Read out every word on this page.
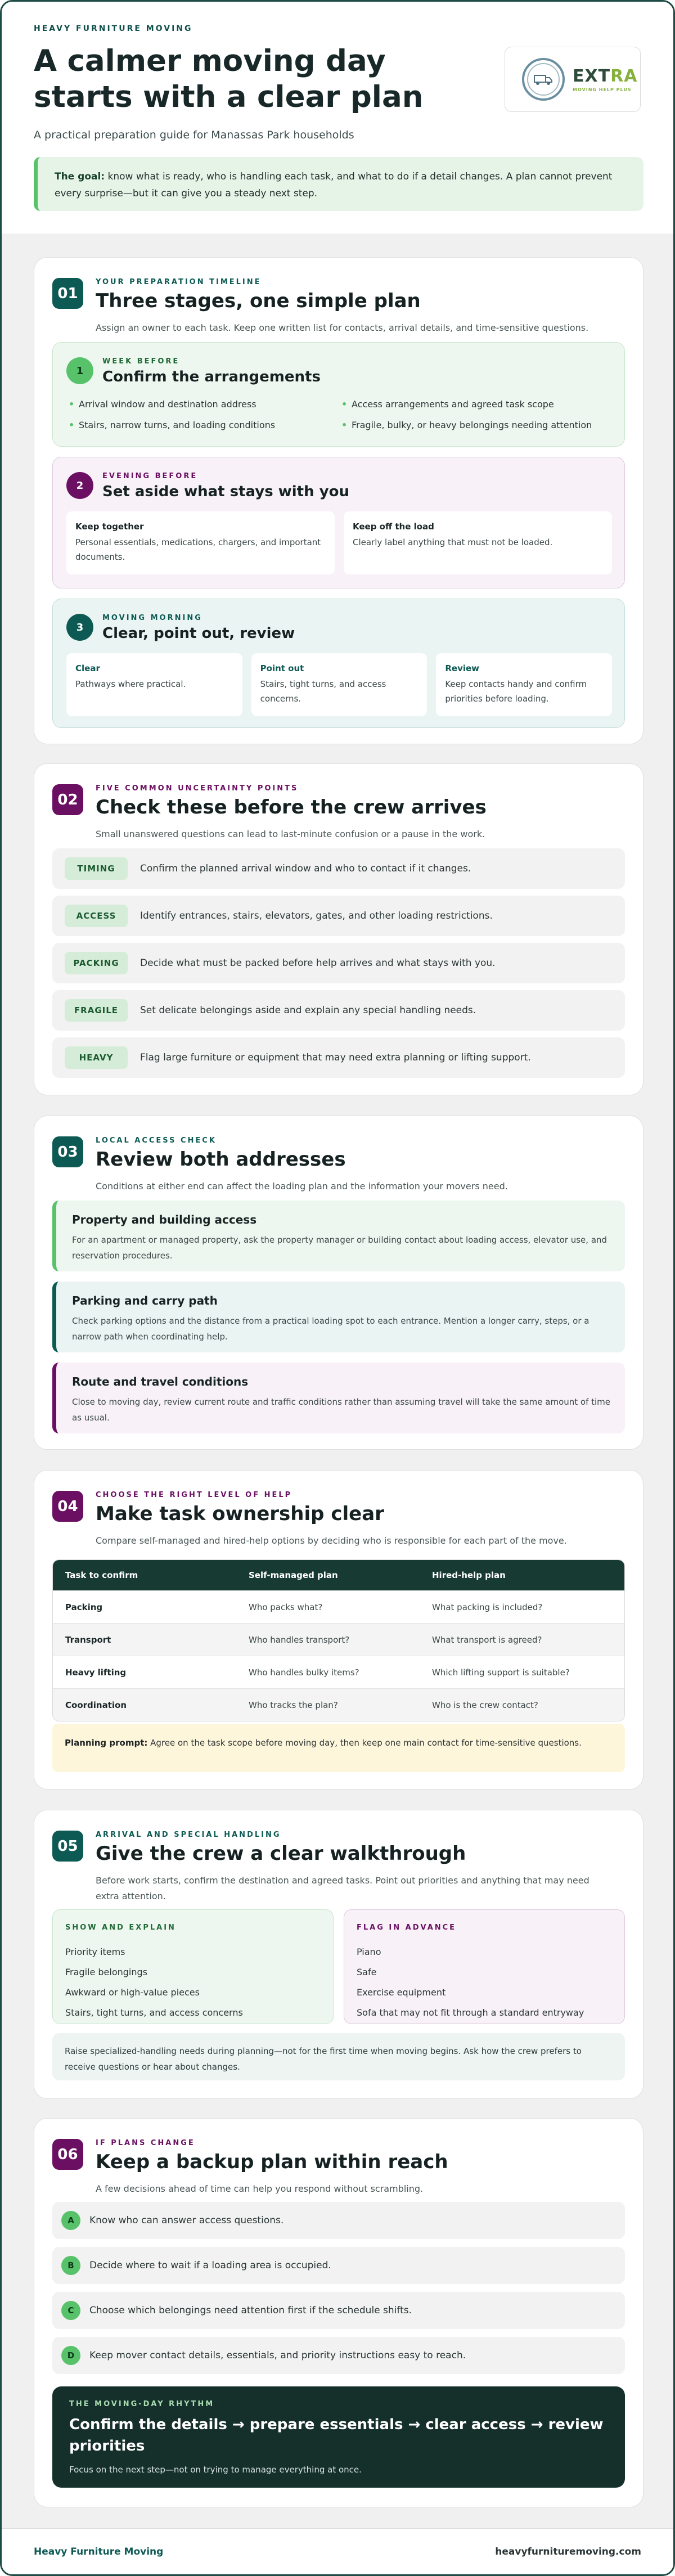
HEAVY FURNITURE MOVING
A calmer moving day starts with a clear plan
A practical preparation guide for Manassas Park households
EXTRA
MOVING HELP PLUS
The goal: know what is ready, who is handling each task, and what to do if a detail changes. A plan cannot prevent every surprise—but it can give you a steady next step.
01
YOUR PREPARATION TIMELINE
Three stages, one simple plan
Assign an owner to each task. Keep one written list for contacts, arrival details, and time-sensitive questions.
1
WEEK BEFORE
Confirm the arrangements
• Arrival window and destination address	• Access arrangements and agreed task scope
• Stairs, narrow turns, and loading conditions	• Fragile, bulky, or heavy belongings needing attention
2
EVENING BEFORE
Set aside what stays with you
Keep together
Personal essentials, medications, chargers, and important documents.
Keep off the load
Clearly label anything that must not be loaded.
3
MOVING MORNING
Clear, point out, review
Clear
Pathways where practical.
Point out
Stairs, tight turns, and access concerns.
Review
Keep contacts handy and confirm priorities before loading.
02
FIVE COMMON UNCERTAINTY POINTS
Check these before the crew arrives
Small unanswered questions can lead to last-minute confusion or a pause in the work.
TIMING	Confirm the planned arrival window and who to contact if it changes.
ACCESS	Identify entrances, stairs, elevators, gates, and other loading restrictions.
PACKING	Decide what must be packed before help arrives and what stays with you.
FRAGILE	Set delicate belongings aside and explain any special handling needs.
HEAVY	Flag large furniture or equipment that may need extra planning or lifting support.
03
LOCAL ACCESS CHECK
Review both addresses
Conditions at either end can affect the loading plan and the information your movers need.
Property and building access
For an apartment or managed property, ask the property manager or building contact about loading access, elevator use, and reservation procedures.
Parking and carry path
Check parking options and the distance from a practical loading spot to each entrance. Mention a longer carry, steps, or a narrow path when coordinating help.
Route and travel conditions
Close to moving day, review current route and traffic conditions rather than assuming travel will take the same amount of time as usual.
04
CHOOSE THE RIGHT LEVEL OF HELP
Make task ownership clear
Compare self-managed and hired-help options by deciding who is responsible for each part of the move.
Task to confirm	Self-managed plan	Hired-help plan
Packing	Who packs what?	What packing is included?
Transport	Who handles transport?	What transport is agreed?
Heavy lifting	Who handles bulky items?	Which lifting support is suitable?
Coordination	Who tracks the plan?	Who is the crew contact?
Planning prompt: Agree on the task scope before moving day, then keep one main contact for time-sensitive questions.
05
ARRIVAL AND SPECIAL HANDLING
Give the crew a clear walkthrough
Before work starts, confirm the destination and agreed tasks. Point out priorities and anything that may need extra attention.
SHOW AND EXPLAIN
Priority items
Fragile belongings
Awkward or high-value pieces
Stairs, tight turns, and access concerns
FLAG IN ADVANCE
Piano
Safe
Exercise equipment
Sofa that may not fit through a standard entryway
Raise specialized-handling needs during planning—not for the first time when moving begins. Ask how the crew prefers to receive questions or hear about changes.
06
IF PLANS CHANGE
Keep a backup plan within reach
A few decisions ahead of time can help you respond without scrambling.
A	Know who can answer access questions.
B	Decide where to wait if a loading area is occupied.
C	Choose which belongings need attention first if the schedule shifts.
D	Keep mover contact details, essentials, and priority instructions easy to reach.
THE MOVING-DAY RHYTHM
Confirm the details → prepare essentials → clear access → review priorities
Focus on the next step—not on trying to manage everything at once.
Heavy Furniture Moving	heavyfurnituremoving.com
